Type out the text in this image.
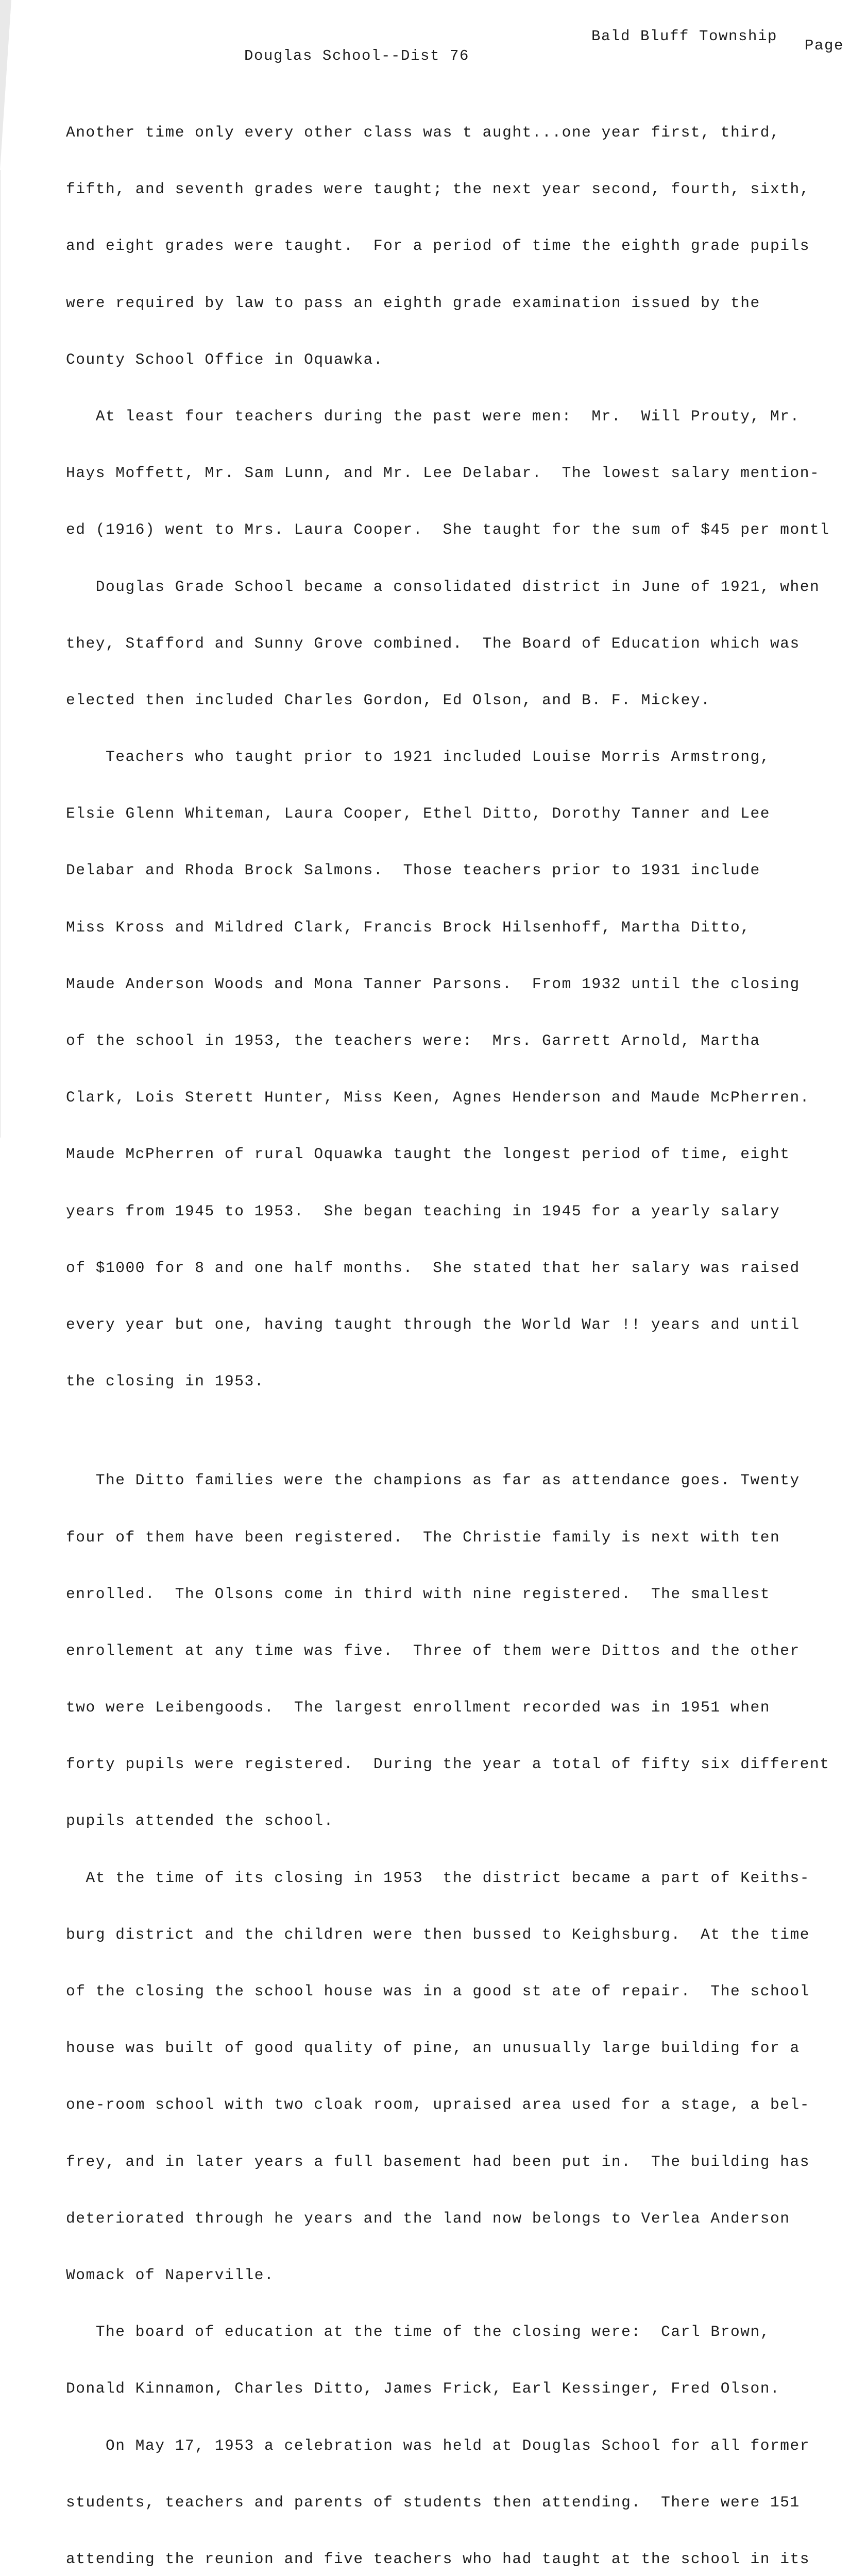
Bald Bluff Township
Page
Douglas School--Dist 76

Another time only every other class was t aught...one year first, third,

fifth, and seventh grades were taught; the next year second, fourth, sixth,

and eight grades were taught.  For a period of time the eighth grade pupils

were required by law to pass an eighth grade examination issued by the

County School Office in Oquawka.

At least four teachers during the past were men:  Mr.  Will Prouty, Mr.

Hays Moffett, Mr. Sam Lunn, and Mr. Lee Delabar.  The lowest salary mention-

ed (1916) went to Mrs. Laura Cooper.  She taught for the sum of $45 per montl

Douglas Grade School became a consolidated district in June of 1921, when

they, Stafford and Sunny Grove combined.  The Board of Education which was

elected then included Charles Gordon, Ed Olson, and B. F. Mickey.

Teachers who taught prior to 1921 included Louise Morris Armstrong,

Elsie Glenn Whiteman, Laura Cooper, Ethel Ditto, Dorothy Tanner and Lee

Delabar and Rhoda Brock Salmons.  Those teachers prior to 1931 include

Miss Kross and Mildred Clark, Francis Brock Hilsenhoff, Martha Ditto,

Maude Anderson Woods and Mona Tanner Parsons.  From 1932 until the closing

of the school in 1953, the teachers were:  Mrs. Garrett Arnold, Martha

Clark, Lois Sterett Hunter, Miss Keen, Agnes Henderson and Maude McPherren.

Maude McPherren of rural Oquawka taught the longest period of time, eight

years from 1945 to 1953.  She began teaching in 1945 for a yearly salary

of $1000 for 8 and one half months.  She stated that her salary was raised

every year but one, having taught through the World War !! years and until

the closing in 1953.

The Ditto families were the champions as far as attendance goes. Twenty

four of them have been registered.  The Christie family is next with ten

enrolled.  The Olsons come in third with nine registered.  The smallest

enrollement at any time was five.  Three of them were Dittos and the other

two were Leibengoods.  The largest enrollment recorded was in 1951 when

forty pupils were registered.  During the year a total of fifty six different

pupils attended the school.

At the time of its closing in 1953  the district became a part of Keiths-

burg district and the children were then bussed to Keighsburg.  At the time

of the closing the school house was in a good st ate of repair.  The school

house was built of good quality of pine, an unusually large building for a

one-room school with two cloak room, upraised area used for a stage, a bel-

frey, and in later years a full basement had been put in.  The building has

deteriorated through he years and the land now belongs to Verlea Anderson

Womack of Naperville.

The board of education at the time of the closing were:  Carl Brown,

Donald Kinnamon, Charles Ditto, James Frick, Earl Kessinger, Fred Olson.

On May 17, 1953 a celebration was held at Douglas School for all former

students, teachers and parents of students then attending.  There were 151

attending the reunion and five teachers who had taught at the school in its
